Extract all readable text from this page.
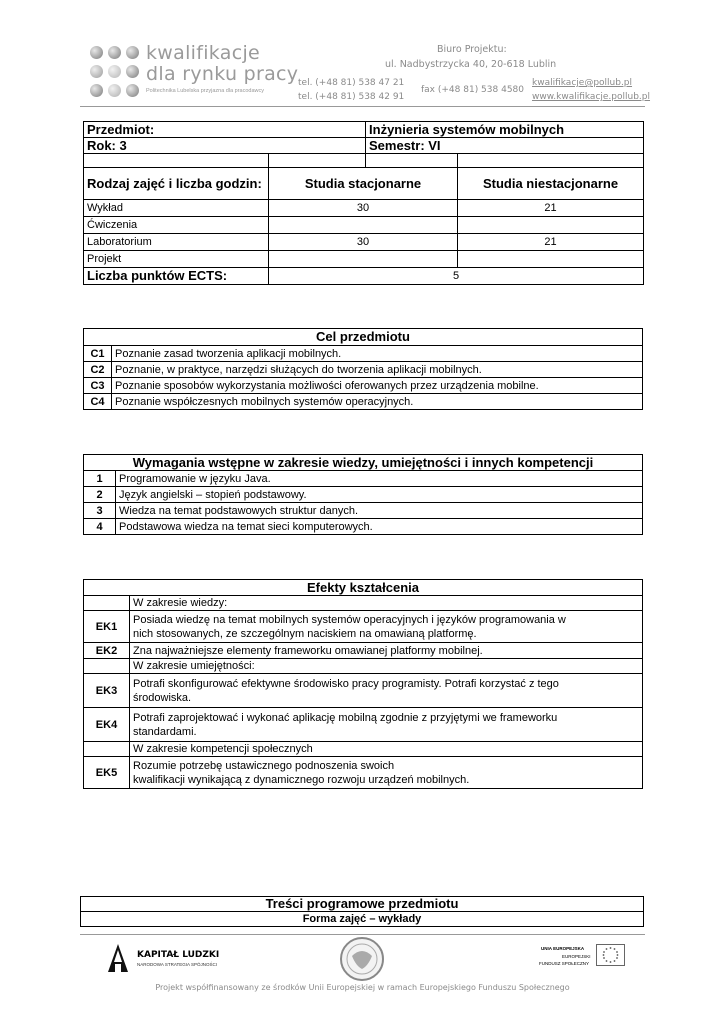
kwalifikacje
dla rynku pracy
Politechnika Lubelska przyjazna dla pracodawcy
Biuro Projektu:
ul. Nadbystrzycka 40, 20-618 Lublin
tel. (+48 81) 538 47 21
tel. (+48 81) 538 42 91
fax (+48 81) 538 4580
kwalifikacje@pollub.pl
www.kwalifikacje.pollub.pl
Przedmiot:		Inżynieria systemów mobilnych	
Rok: 3		Semestr: VI	

Rodzaj zajęć i liczba godzin:	Studia stacjonarne		Studia niestacjonarne
Wykład	30		21
Ćwiczenia			
Laboratorium	30		21
Projekt			
Liczba punktów ECTS:	5		
Cel przedmiotu	
C1	Poznanie zasad tworzenia aplikacji mobilnych.
C2	Poznanie, w praktyce, narzędzi służących do tworzenia aplikacji mobilnych.
C3	Poznanie sposobów wykorzystania możliwości oferowanych przez urządzenia mobilne.
C4	Poznanie współczesnych mobilnych systemów operacyjnych.
Wymagania wstępne w zakresie wiedzy, umiejętności i innych kompetencji	
1	Programowanie w języku Java.
2	Język angielski – stopień podstawowy.
3	Wiedza na temat podstawowych struktur danych.
4	Podstawowa wiedza na temat sieci komputerowych.
Efekty kształcenia	
	W zakresie wiedzy:
EK1	Posiada wiedzę na temat mobilnych systemów operacyjnych i języków programowania w
nich stosowanych, ze szczególnym naciskiem na omawianą platformę.
EK2	Zna najważniejsze elementy frameworku omawianej platformy mobilnej.
	W zakresie umiejętności:
EK3	Potrafi skonfigurować efektywne środowisko pracy programisty. Potrafi korzystać z tego
środowiska.
EK4	Potrafi zaprojektować i wykonać aplikację mobilną zgodnie z przyjętymi we frameworku
standardami.
	W zakresie kompetencji społecznych
EK5	Rozumie potrzebę ustawicznego podnoszenia swoich
kwalifikacji wynikającą z dynamicznego rozwoju urządzeń mobilnych.
Treści programowe przedmiotu
Forma zajęć – wykłady
KAPITAŁ LUDZKI
NARODOWA STRATEGIA SPÓJNOŚCI
UNIA EUROPEJSKA
EUROPEJSKI
FUNDUSZ SPOŁECZNY
Projekt współfinansowany ze środków Unii Europejskiej w ramach Europejskiego Funduszu Społecznego
